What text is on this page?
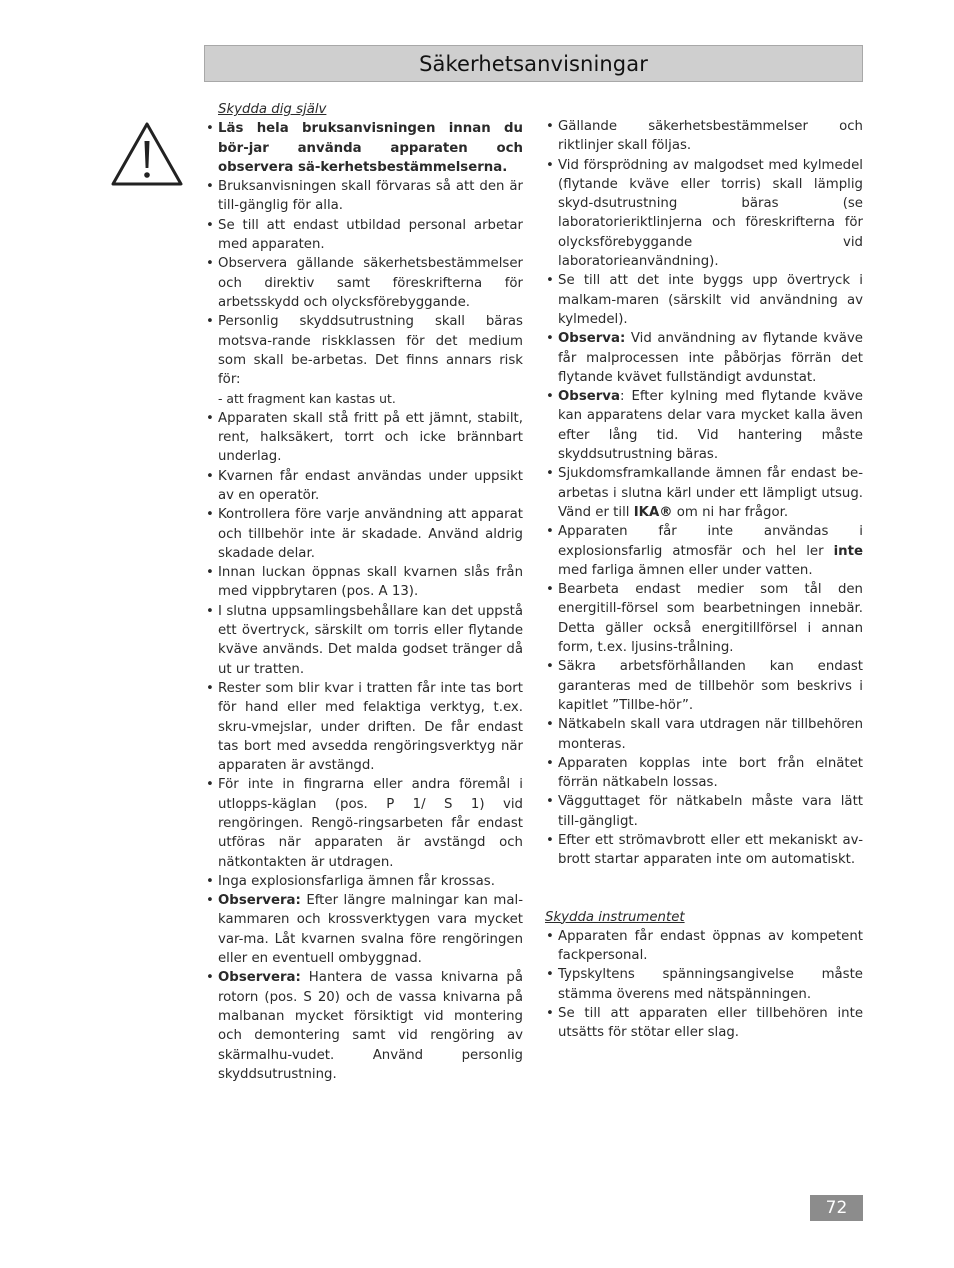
Säkerhetsanvisningar
Skydda dig själv
• Läs hela bruksanvisningen innan du bör-jar använda apparaten och observera sä-kerhetsbestämmelserna.
• Bruksanvisningen skall förvaras så att den är till-gänglig för alla.
• Se till att endast utbildad personal arbetar med apparaten.
• Observera gällande säkerhetsbestämmelser och direktiv samt föreskrifterna för arbetsskydd och olycksförebyggande.
• Personlig skyddsutrustning skall bäras motsva-rande riskklassen för det medium som skall be-arbetas. Det finns annars risk för:
- att fragment kan kastas ut.
• Apparaten skall stå fritt på ett jämnt, stabilt, rent, halksäkert, torrt och icke brännbart underlag.
• Kvarnen får endast användas under uppsikt av en operatör.
• Kontrollera före varje användning att apparat och tillbehör inte är skadade. Använd aldrig skadade delar.
• Innan luckan öppnas skall kvarnen slås från med vippbrytaren (pos. A 13).
• I slutna uppsamlingsbehållare kan det uppstå ett övertryck, särskilt om torris eller flytande kväve används. Det malda godset tränger då ut ur tratten.
• Rester som blir kvar i tratten får inte tas bort för hand eller med felaktiga verktyg, t.ex. skru-vmejslar, under driften. De får endast tas bort med avsedda rengöringsverktyg när apparaten är avstängd.
• För inte in fingrarna eller andra föremål i utlopps-käglan (pos. P 1/ S 1) vid rengöringen. Rengö-ringsarbeten får endast utföras när apparaten är avstängd och nätkontakten är utdragen.
• Inga explosionsfarliga ämnen får krossas.
• Observera: Efter längre malningar kan mal-kammaren och krossverktygen vara mycket var-ma. Låt kvarnen svalna före rengöringen eller en eventuell ombyggnad.
• Observera: Hantera de vassa knivarna på rotorn (pos. S 20) och de vassa knivarna på malbanan mycket försiktigt vid montering och demontering samt vid rengöring av skärmalhu-vudet. Använd personlig skyddsutrustning.
• Gällande säkerhetsbestämmelser och riktlinjer skall följas.
• Vid försprödning av malgodset med kylmedel (flytande kväve eller torris) skall lämplig skyd-dsutrustning bäras (se laboratorieriktlinjerna och föreskrifterna för olycksförebyggande vid laboratorieanvändning).
• Se till att det inte byggs upp övertryck i malkam-maren (särskilt vid användning av kylmedel).
• Observa: Vid användning av flytande kväve får malprocessen inte påbörjas förrän det flytande kvävet fullständigt avdunstat.
• Observa: Efter kylning med flytande kväve kan apparatens delar vara mycket kalla även efter lång tid. Vid hantering måste skyddsutrustning bäras.
• Sjukdomsframkallande ämnen får endast be-arbetas i slutna kärl under ett lämpligt utsug. Vänd er till IKA® om ni har frågor.
• Apparaten får inte användas i explosionsfarlig atmosfär och hel ler inte med farliga ämnen eller under vatten.
• Bearbeta endast medier som tål den energitill-försel som bearbetningen innebär. Detta gäller också energitillförsel i annan form, t.ex. ljusins-trålning.
• Säkra arbetsförhållanden kan endast garanteras med de tillbehör som beskrivs i kapitlet ”Tillbe-hör”.
• Nätkabeln skall vara utdragen när tillbehören monteras.
• Apparaten kopplas inte bort från elnätet förrän nätkabeln lossas.
• Vägguttaget för nätkabeln måste vara lätt till-gängligt.
• Efter ett strömavbrott eller ett mekaniskt av-brott startar apparaten inte om automatiskt.
Skydda instrumentet
• Apparaten får endast öppnas av kompetent fackpersonal.
• Typskyltens spänningsangivelse måste stämma överens med nätspänningen.
• Se till att apparaten eller tillbehören inte utsätts för stötar eller slag.
72
